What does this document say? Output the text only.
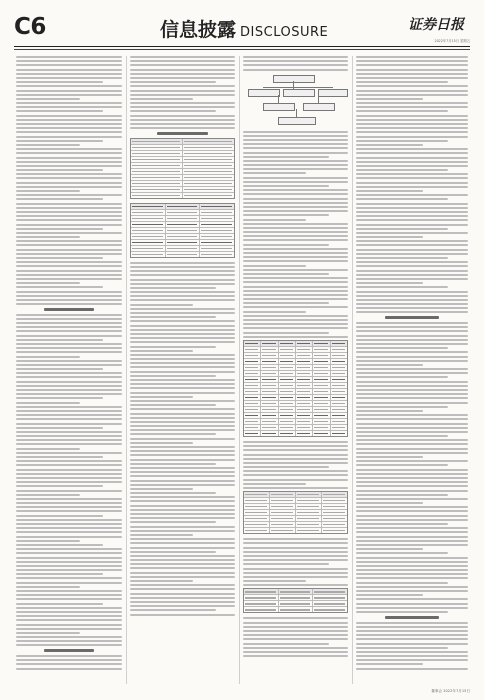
C6	信息披露 DISCLOSURE	证券日报
2022年7月15日 星期五
董事会 2022年7月15日
